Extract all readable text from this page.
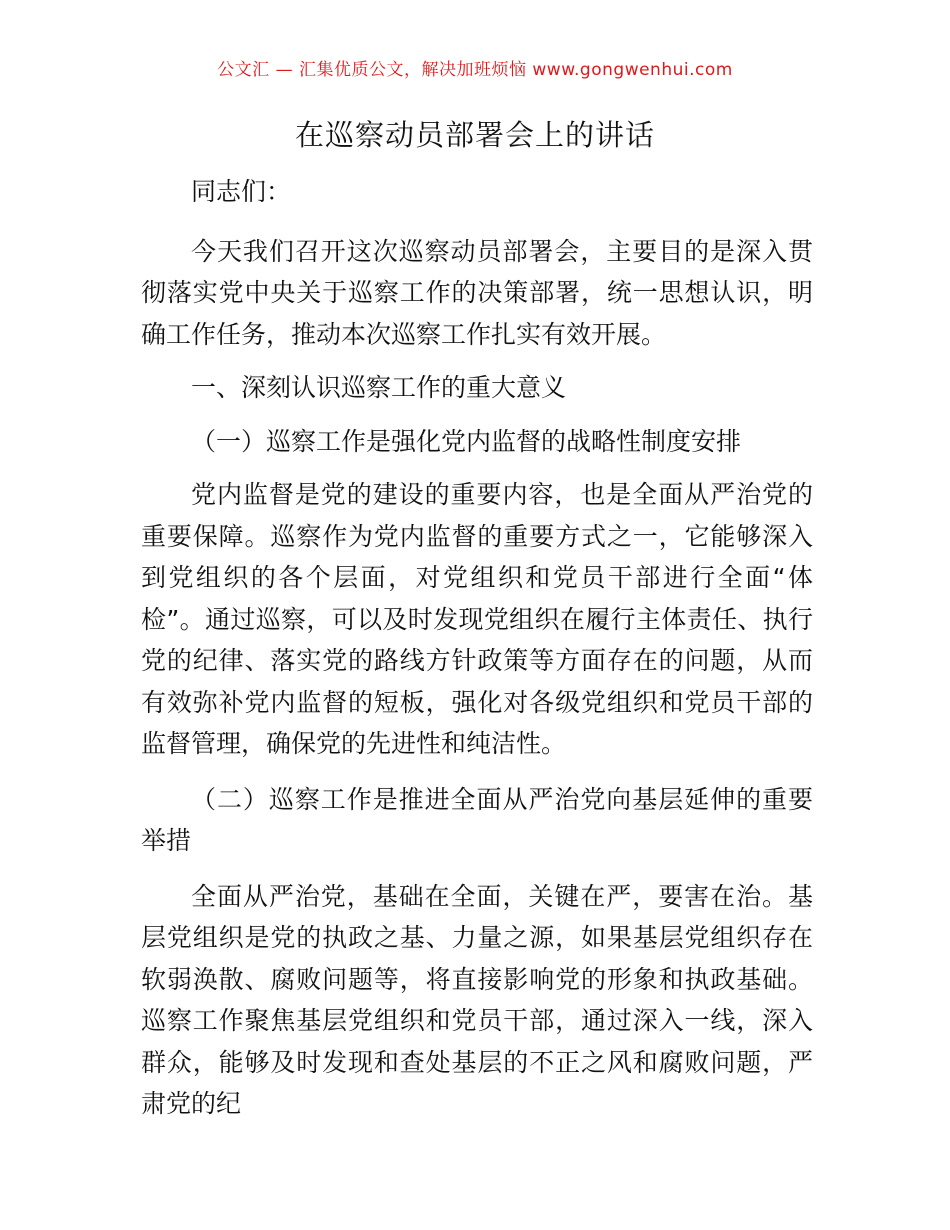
公文汇 — 汇集优质公文，解决加班烦恼 www.gongwenhui.com
在巡察动员部署会上的讲话

同志们：

今天我们召开这次巡察动员部署会，主要目的是深入贯彻落实党中央关于巡察工作的决策部署，统一思想认识，明确工作任务，推动本次巡察工作扎实有效开展。

一、深刻认识巡察工作的重大意义

（一）巡察工作是强化党内监督的战略性制度安排

党内监督是党的建设的重要内容，也是全面从严治党的重要保障。巡察作为党内监督的重要方式之一，它能够深入到党组织的各个层面，对党组织和党员干部进行全面“体检”。通过巡察，可以及时发现党组织在履行主体责任、执行党的纪律、落实党的路线方针政策等方面存在的问题，从而有效弥补党内监督的短板，强化对各级党组织和党员干部的监督管理，确保党的先进性和纯洁性。

（二）巡察工作是推进全面从严治党向基层延伸的重要举措

全面从严治党，基础在全面，关键在严，要害在治。基层党组织是党的执政之基、力量之源，如果基层党组织存在软弱涣散、腐败问题等，将直接影响党的形象和执政基础。巡察工作聚焦基层党组织和党员干部，通过深入一线，深入群众，能够及时发现和查处基层的不正之风和腐败问题，严肃党的纪
